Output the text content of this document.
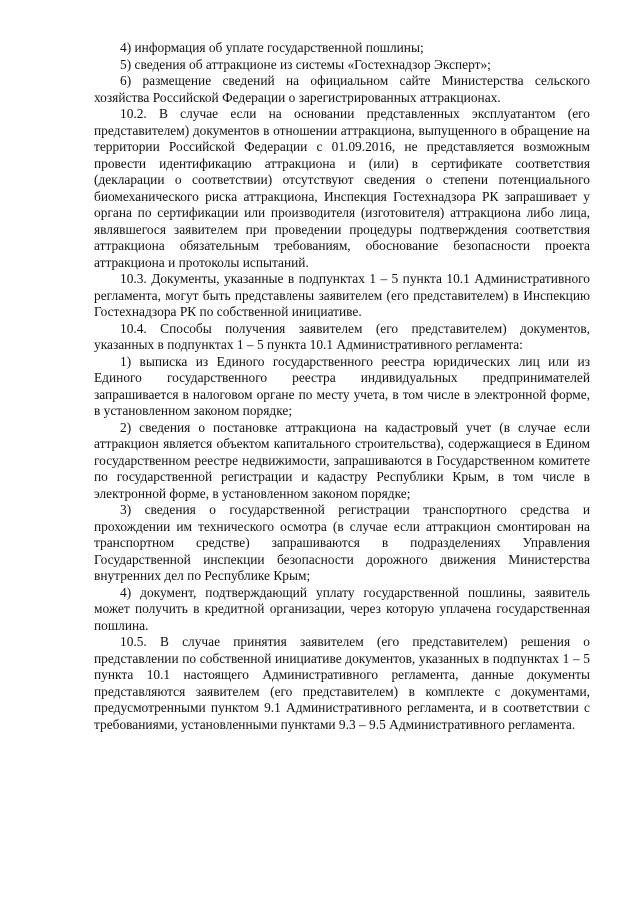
4) информация об уплате государственной пошлины;

5) сведения об аттракционе из системы «Гостехнадзор Эксперт»;

6) размещение сведений на официальном сайте Министерства сельского хозяйства Российской Федерации о зарегистрированных аттракционах.

10.2. В случае если на основании представленных эксплуатантом (его представителем) документов в отношении аттракциона, выпущенного в обращение на территории Российской Федерации с 01.09.2016, не представляется возможным провести идентификацию аттракциона и (или) в сертификате соответствия (декларации о соответствии) отсутствуют сведения о степени потенциального биомеханического риска аттракциона, Инспекция Гостехнадзора РК запрашивает у органа по сертификации или производителя (изготовителя) аттракциона либо лица, являвшегося заявителем при проведении процедуры подтверждения соответствия аттракциона обязательным требованиям, обоснование безопасности проекта аттракциона и протоколы испытаний.

10.3. Документы, указанные в подпунктах 1 – 5 пункта 10.1 Административного регламента, могут быть представлены заявителем (его представителем) в Инспекцию Гостехнадзора РК по собственной инициативе.

10.4. Способы получения заявителем (его представителем) документов, указанных в подпунктах 1 – 5 пункта 10.1 Административного регламента:

1) выписка из Единого государственного реестра юридических лиц или из Единого государственного реестра индивидуальных предпринимателей запрашивается в налоговом органе по месту учета, в том числе в электронной форме, в установленном законом порядке;

2) сведения о постановке аттракциона на кадастровый учет (в случае если аттракцион является объектом капитального строительства), содержащиеся в Едином государственном реестре недвижимости, запрашиваются в Государственном комитете по государственной регистрации и кадастру Республики Крым, в том числе в электронной форме, в установленном законом порядке;

3) сведения о государственной регистрации транспортного средства и прохождении им технического осмотра (в случае если аттракцион смонтирован на транспортном средстве) запрашиваются в подразделениях Управления Государственной инспекции безопасности дорожного движения Министерства внутренних дел по Республике Крым;

4) документ, подтверждающий уплату государственной пошлины, заявитель может получить в кредитной организации, через которую уплачена государственная пошлина.

10.5. В случае принятия заявителем (его представителем) решения о представлении по собственной инициативе документов, указанных в подпунктах 1 – 5 пункта 10.1 настоящего Административного регламента, данные документы представляются заявителем (его представителем) в комплекте с документами, предусмотренными пунктом 9.1 Административного регламента, и в соответствии с требованиями, установленными пунктами 9.3 – 9.5 Административного регламента.
